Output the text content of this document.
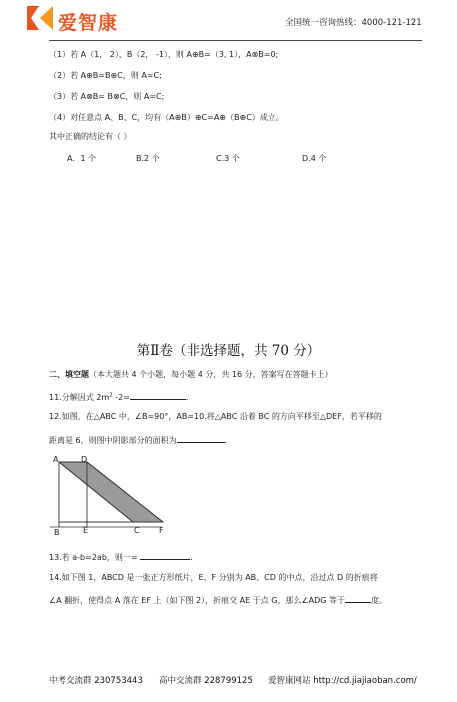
爱智康	全国统一咨询热线：4000-121-121
（1）若 A（1， 2），B（2， -1），则 A⊕B=（3, 1），A⊗B=0;
（2）若 A⊕B=B⊕C，则 A=C;
（3）若 A⊗B= B⊗C，则 A=C;
（4）对任意点 A、B、C，均有（A⊕B）⊕C=A⊕（B⊕C）成立。
其中正确的结论有（ ）
A．1 个	B.2 个	C.3 个	D.4 个
第Ⅱ卷（非选择题，共 70 分）
二、填空题（本大题共 4 个小题，每小题 4 分，共 16 分，答案写在答题卡上）
11.分解因式 $2m^2$ -2=	.
12.如图，在△ABC 中，∠B=90°，AB=10.将△ABC 沿着 BC 的方向平移至△DEF，若平移的
距离是 6，则图中阴影部分的面积为	.
A	D
B	E	C F
13.若 a-b=2ab，则一=	.
14.如下图 1，ABCD 是一张正方形纸片，E、F 分别为 AB、CD 的中点，沿过点 D 的折痕将
∠A 翻折，使得点 A 落在 EF 上（如下图 2），折痕交 AE 于点 G，那么∠ADG 等于	度。
中考交流群 230753443 高中交流群 228799125 爱智康网站 http://cd.jiajiaoban.com/
